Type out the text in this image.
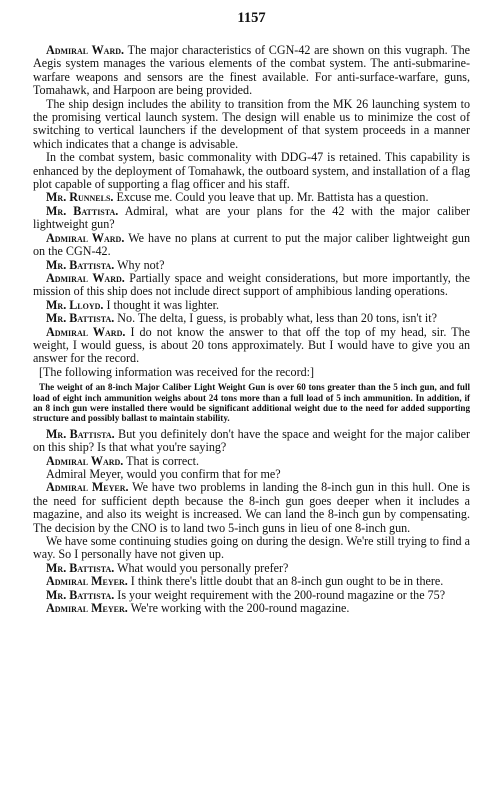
1157

Admiral Ward. The major characteristics of CGN-42 are shown on this vugraph. The Aegis system manages the various elements of the combat system. The anti-submarine-warfare weapons and sensors are the finest available. For anti-surface-warfare, guns, Tomahawk, and Harpoon are being provided.

The ship design includes the ability to transition from the MK 26 launching system to the promising vertical launch system. The design will enable us to minimize the cost of switching to vertical launchers if the development of that system proceeds in a manner which indicates that a change is advisable.

In the combat system, basic commonality with DDG-47 is retained. This capability is enhanced by the deployment of Tomahawk, the outboard system, and installation of a flag plot capable of supporting a flag officer and his staff.

Mr. Runnels. Excuse me. Could you leave that up. Mr. Battista has a question.

Mr. Battista. Admiral, what are your plans for the 42 with the major caliber lightweight gun?

Admiral Ward. We have no plans at current to put the major caliber lightweight gun on the CGN-42.

Mr. Battista. Why not?

Admiral Ward. Partially space and weight considerations, but more importantly, the mission of this ship does not include direct support of amphibious landing operations.

Mr. Lloyd. I thought it was lighter.

Mr. Battista. No. The delta, I guess, is probably what, less than 20 tons, isn't it?

Admiral Ward. I do not know the answer to that off the top of my head, sir. The weight, I would guess, is about 20 tons approximately. But I would have to give you an answer for the record.

[The following information was received for the record:]

The weight of an 8-inch Major Caliber Light Weight Gun is over 60 tons greater than the 5 inch gun, and full load of eight inch ammunition weighs about 24 tons more than a full load of 5 inch ammunition. In addition, if an 8 inch gun were installed there would be significant additional weight due to the need for added supporting structure and possibly ballast to maintain stability.

Mr. Battista. But you definitely don't have the space and weight for the major caliber on this ship? Is that what you're saying?

Admiral Ward. That is correct.

Admiral Meyer, would you confirm that for me?

Admiral Meyer. We have two problems in landing the 8-inch gun in this hull. One is the need for sufficient depth because the 8-inch gun goes deeper when it includes a magazine, and also its weight is increased. We can land the 8-inch gun by compensating. The decision by the CNO is to land two 5-inch guns in lieu of one 8-inch gun.

We have some continuing studies going on during the design. We're still trying to find a way. So I personally have not given up.

Mr. Battista. What would you personally prefer?

Admiral Meyer. I think there's little doubt that an 8-inch gun ought to be in there.

Mr. Battista. Is your weight requirement with the 200-round magazine or the 75?

Admiral Meyer. We're working with the 200-round magazine.
